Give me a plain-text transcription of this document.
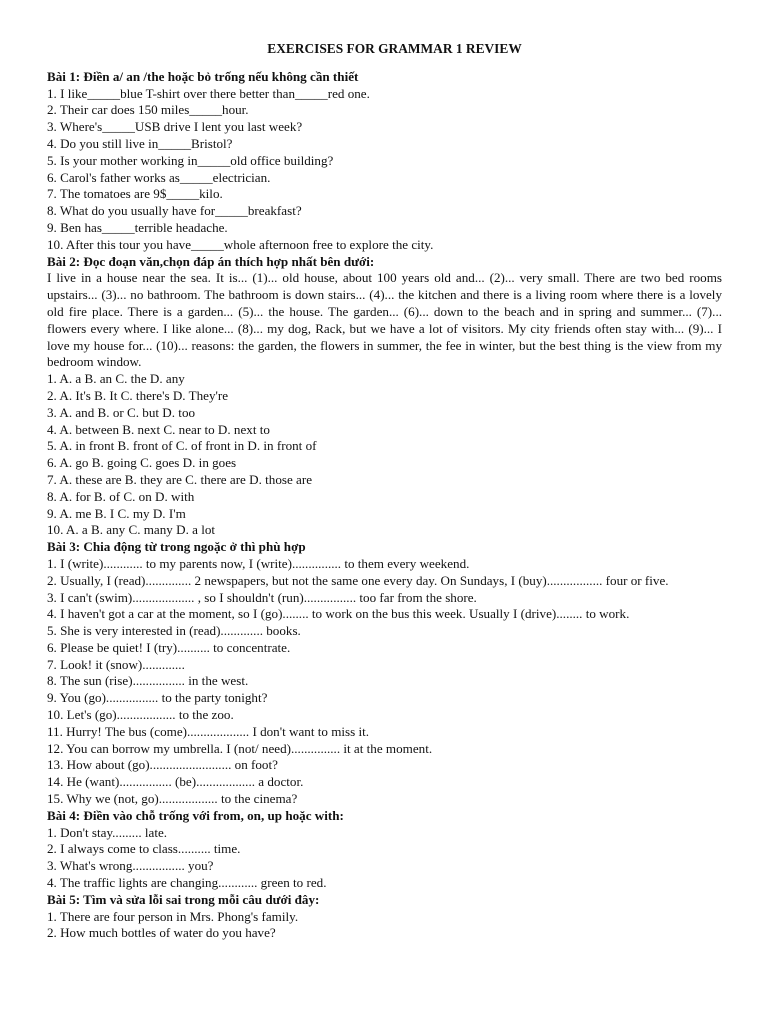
EXERCISES FOR GRAMMAR 1 REVIEW

Bài 1: Điền a/ an /the hoặc bỏ trống nếu không cần thiết

1. I like_____blue T-shirt over there better than_____red one.

2. Their car does 150 miles_____hour.

3. Where's_____USB drive I lent you last week?

4. Do you still live in_____Bristol?

5. Is your mother working in_____old office building?

6. Carol's father works as_____electrician.

7. The tomatoes are 9$_____kilo.

8. What do you usually have for_____breakfast?

9. Ben has_____terrible headache.

10. After this tour you have_____whole afternoon free to explore the city.

Bài 2: Đọc đoạn văn,chọn đáp án thích hợp nhất bên dưới:

I live in a house near the sea. It is... (1)... old house, about 100 years old and... (2)... very small. There are two bed rooms upstairs... (3)... no bathroom. The bathroom is down stairs... (4)... the kitchen and there is a living room where there is a lovely old fire place. There is a garden... (5)... the house. The garden... (6)... down to the beach and in spring and summer... (7)... flowers every where. I like alone... (8)... my dog, Rack, but we have a lot of visitors. My city friends often stay with... (9)... I love my house for... (10)... reasons: the garden, the flowers in summer, the fee in winter, but the best thing is the view from my bedroom window.

1. A. a B. an C. the D. any

2. A. It's B. It C. there's D. They're

3. A. and B. or C. but D. too

4. A. between B. next C. near to D. next to

5. A. in front B. front of C. of front in D. in front of

6. A. go B. going C. goes D. in goes

7. A. these are B. they are C. there are D. those are

8. A. for B. of C. on D. with

9. A. me B. I C. my D. I'm

10. A. a B. any C. many D. a lot

Bài 3: Chia động từ trong ngoặc ở thì phù hợp

1. I (write)............ to my parents now, I (write)............... to them every weekend.

2. Usually, I (read).............. 2 newspapers, but not the same one every day. On Sundays, I (buy)................. four or five.

3. I can't (swim)................... , so I shouldn't (run)................ too far from the shore.

4. I haven't got a car at the moment, so I (go)........ to work on the bus this week. Usually I (drive)........ to work.

5. She is very interested in (read)............. books.

6. Please be quiet! I (try).......... to concentrate.

7. Look! it (snow).............

8. The sun (rise)................ in the west.

9. You (go)................ to the party tonight?

10. Let's (go).................. to the zoo.

11. Hurry! The bus (come)................... I don't want to miss it.

12. You can borrow my umbrella. I (not/ need)............... it at the moment.

13. How about (go)......................... on foot?

14. He (want)................ (be).................. a doctor.

15. Why we (not, go).................. to the cinema?

Bài 4: Điền vào chỗ trống với from, on, up hoặc with:

1. Don't stay......... late.

2. I always come to class.......... time.

3. What's wrong................ you?

4. The traffic lights are changing............ green to red.

Bài 5: Tìm và sửa lỗi sai trong mỗi câu dưới đây:

1. There are four person in Mrs. Phong's family.

2. How much bottles of water do you have?
